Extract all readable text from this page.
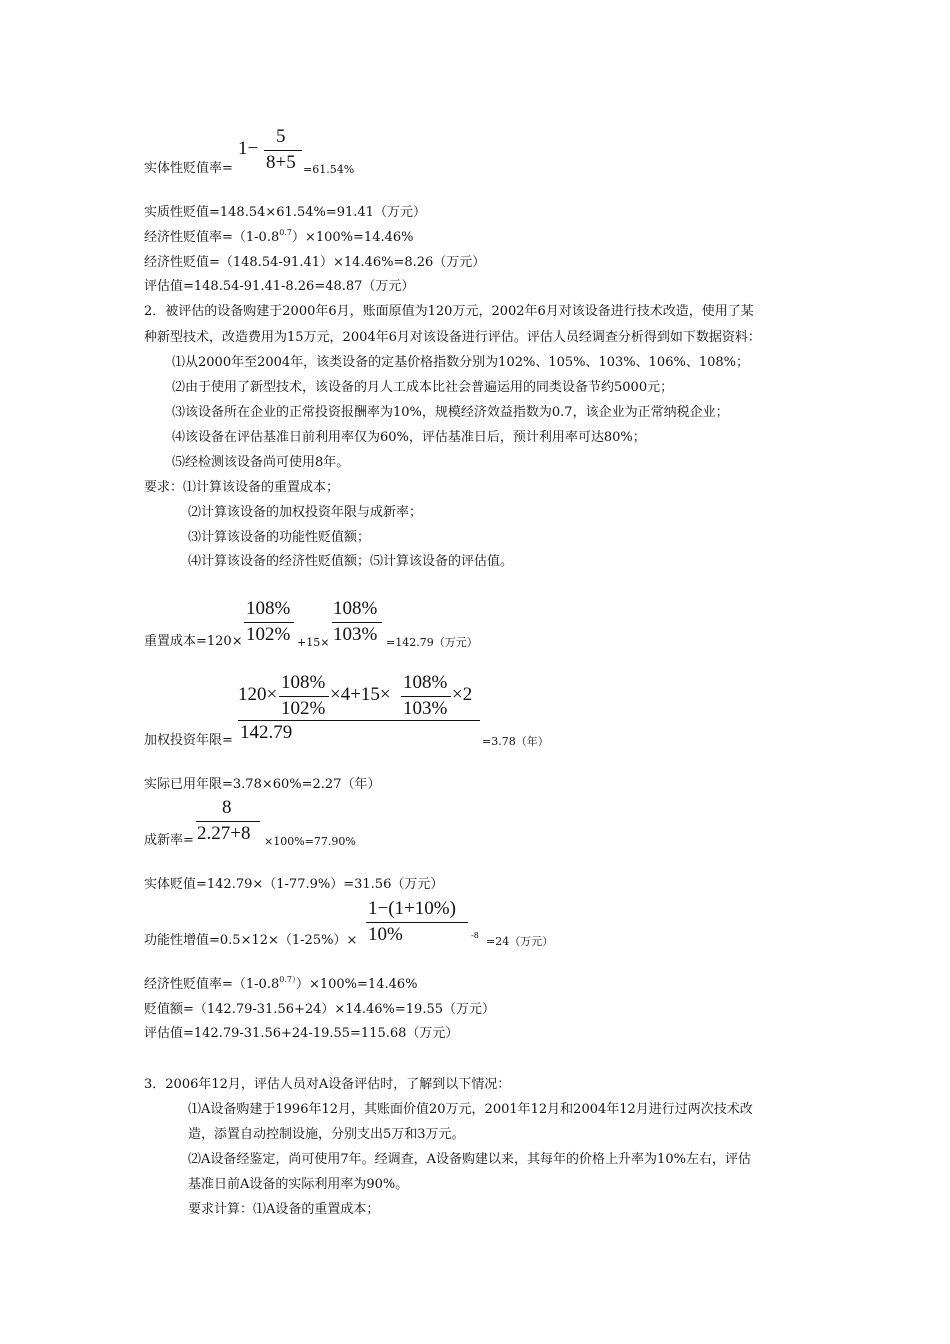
5
1−
8+5
实体性贬值率=	=61.54%
实质性贬值=148.54×61.54%=91.41（万元）
经济性贬值率$=(1-0.8^{0.7})\times 100\%=14.46\%$
经济性贬值=（148.54-91.41）×14.46%=8.26（万元）
评估值=148.54-91.41-8.26=48.87（万元）
2．被评估的设备购建于2000年6月，账面原值为120万元，2002年6月对该设备进行技术改造，使用了某
种新型技术，改造费用为15万元，2004年6月对该设备进行评估。评估人员经调查分析得到如下数据资料：
⑴从2000年至2004年，该类设备的定基价格指数分别为102%、105%、103%、106%、108%；
⑵由于使用了新型技术，该设备的月人工成本比社会普遍运用的同类设备节约5000元；
⑶该设备所在企业的正常投资报酬率为10%，规模经济效益指数为0.7，该企业为正常纳税企业；
⑷该设备在评估基准日前利用率仅为60%，评估基准日后，预计利用率可达80%；
⑸经检测该设备尚可使用8年。
要求：⑴计算该设备的重置成本；
⑵计算该设备的加权投资年限与成新率；
⑶计算该设备的功能性贬值额；
⑷计算该设备的经济性贬值额；⑸计算该设备的评估值。
108%
102%
108%
103%
重置成本=120×	+15×	=142.79（万元）
120×
108%
102%
×4+15×
108%
103%
×2
142.79
加权投资年限=	=3.78（年）
实际已用年限=3.78×60%=2.27（年）
8
2.27+8
成新率=	×100%=77.90%
实体贬值=142.79×（1-77.9%）=31.56（万元）
1−(1+10%)
10%
功能性增值=0.5×12×（1-25%）×	-8 =24（万元）
经济性贬值率$=(1-0.8^{0.7)})\times 100\%=14.46\%$
贬值额=（142.79-31.56+24）×14.46%=19.55（万元）
评估值=142.79-31.56+24-19.55=115.68（万元）
3．2006年12月，评估人员对A设备评估时，了解到以下情况：
⑴A设备购建于1996年12月，其账面价值20万元，2001年12月和2004年12月进行过两次技术改
造，添置自动控制设施，分别支出5万和3万元。
⑵A设备经鉴定，尚可使用7年。经调查，A设备购建以来，其每年的价格上升率为10%左右，评估
基准日前A设备的实际利用率为90%。
要求计算：⑴A设备的重置成本；
